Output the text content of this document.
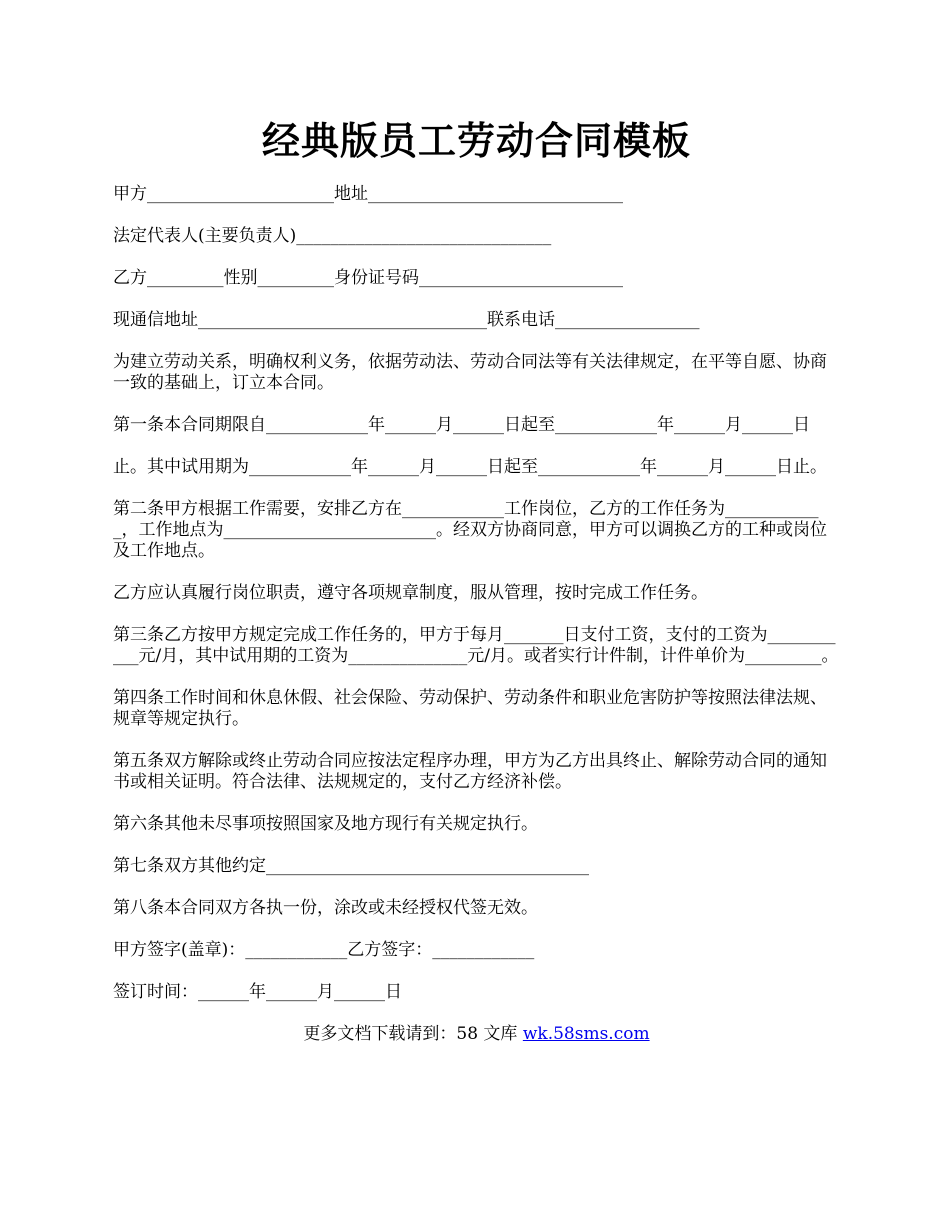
经典版员工劳动合同模板

甲方______________________地址______________________________

法定代表人(主要负责人)______________________________

乙方_________性别_________身份证号码________________________

现通信地址__________________________________联系电话_________________

为建立劳动关系，明确权利义务，依据劳动法、劳动合同法等有关法律规定，在平等自愿、协商一致的基础上，订立本合同。

第一条本合同期限自____________年______月______日起至____________年______月______日

止。其中试用期为____________年______月______日起至____________年______月______日止。

第二条甲方根据工作需要，安排乙方在____________工作岗位，乙方的工作任务为____________，工作地点为_________________________。经双方协商同意，甲方可以调换乙方的工种或岗位及工作地点。

乙方应认真履行岗位职责，遵守各项规章制度，服从管理，按时完成工作任务。

第三条乙方按甲方规定完成工作任务的，甲方于每月_______日支付工资，支付的工资为___________元/月，其中试用期的工资为______________元/月。或者实行计件制，计件单价为_________。

第四条工作时间和休息休假、社会保险、劳动保护、劳动条件和职业危害防护等按照法律法规、规章等规定执行。

第五条双方解除或终止劳动合同应按法定程序办理，甲方为乙方出具终止、解除劳动合同的通知书或相关证明。符合法律、法规规定的，支付乙方经济补偿。

第六条其他未尽事项按照国家及地方现行有关规定执行。

第七条双方其他约定______________________________________

第八条本合同双方各执一份，涂改或未经授权代签无效。

甲方签字(盖章)：____________乙方签字：____________

签订时间：______年______月______日

更多文档下载请到：58 文库 wk.58sms.com
